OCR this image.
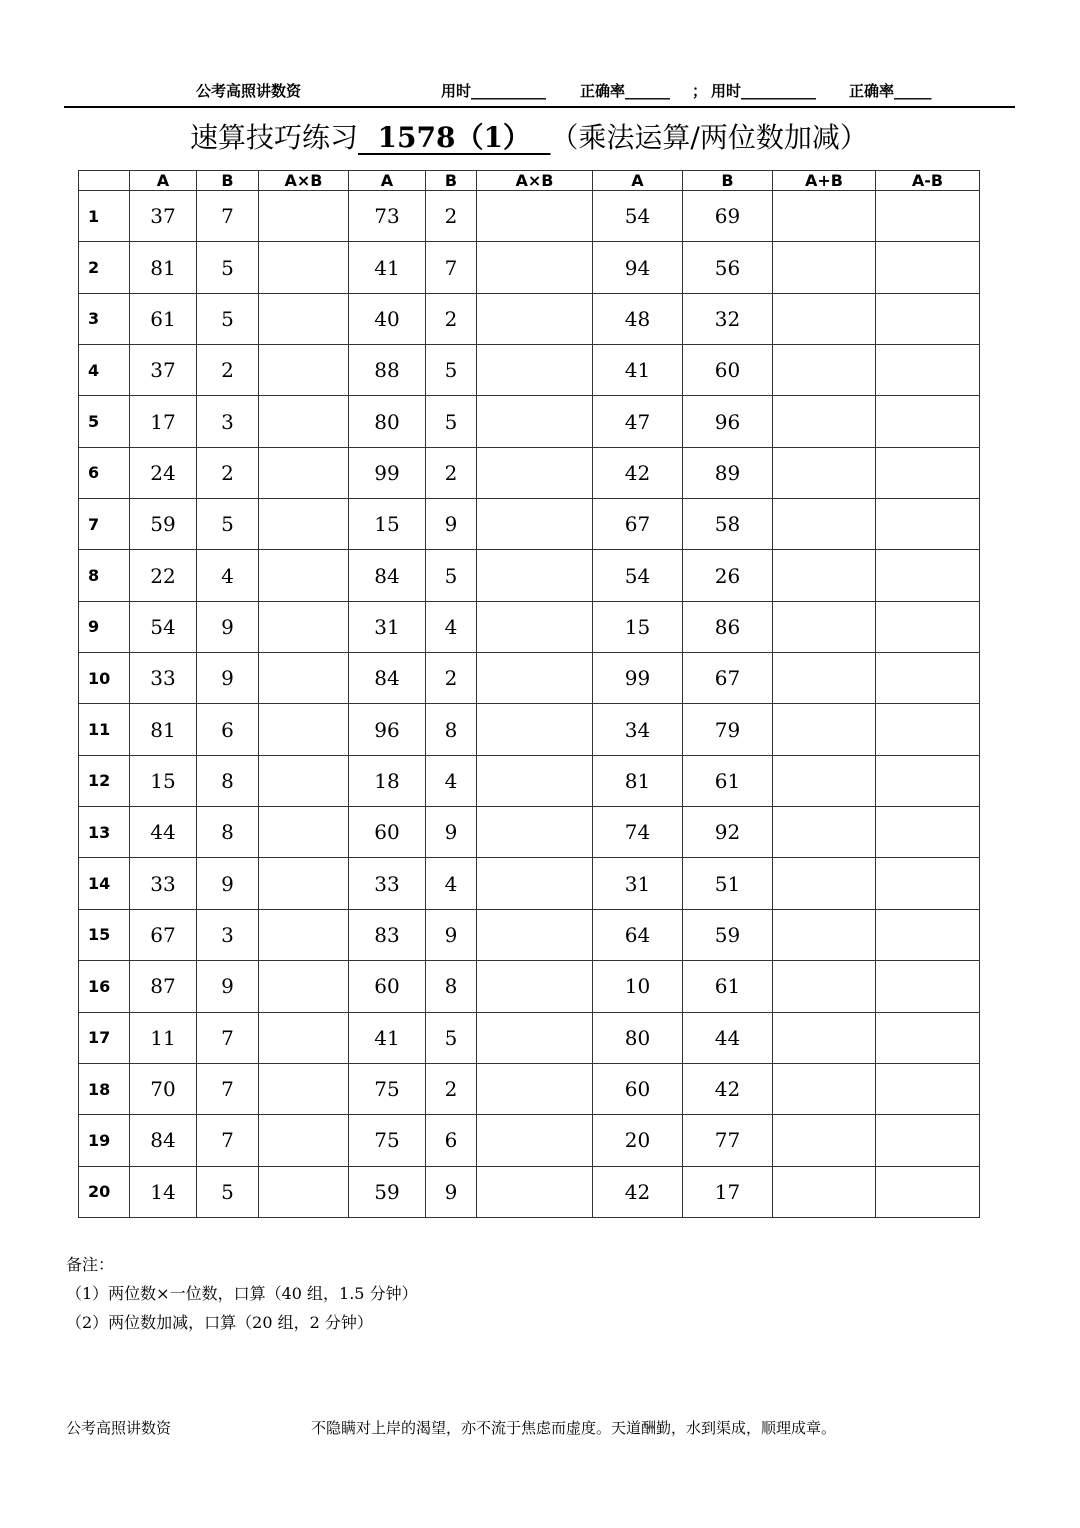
公考高照讲数资	用时__________ 正确率______ ； 用时__________ 正确率_____
速算技巧练习  1578（1）  （乘法运算/两位数加减）
	A	B	A×B	A	B	A×B	A	B	A+B	A-B
1	37	7		73	2		54	69		
2	81	5		41	7		94	56		
3	61	5		40	2		48	32		
4	37	2		88	5		41	60		
5	17	3		80	5		47	96		
6	24	2		99	2		42	89		
7	59	5		15	9		67	58		
8	22	4		84	5		54	26		
9	54	9		31	4		15	86		
10	33	9		84	2		99	67		
11	81	6		96	8		34	79		
12	15	8		18	4		81	61		
13	44	8		60	9		74	92		
14	33	9		33	4		31	51		
15	67	3		83	9		64	59		
16	87	9		60	8		10	61		
17	11	7		41	5		80	44		
18	70	7		75	2		60	42		
19	84	7		75	6		20	77		
20	14	5		59	9		42	17		
备注：
（1）两位数×一位数，口算（40 组，1.5 分钟）
（2）两位数加减，口算（20 组，2 分钟）
公考高照讲数资	不隐瞒对上岸的渴望，亦不流于焦虑而虚度。天道酬勤，水到渠成，顺理成章。
